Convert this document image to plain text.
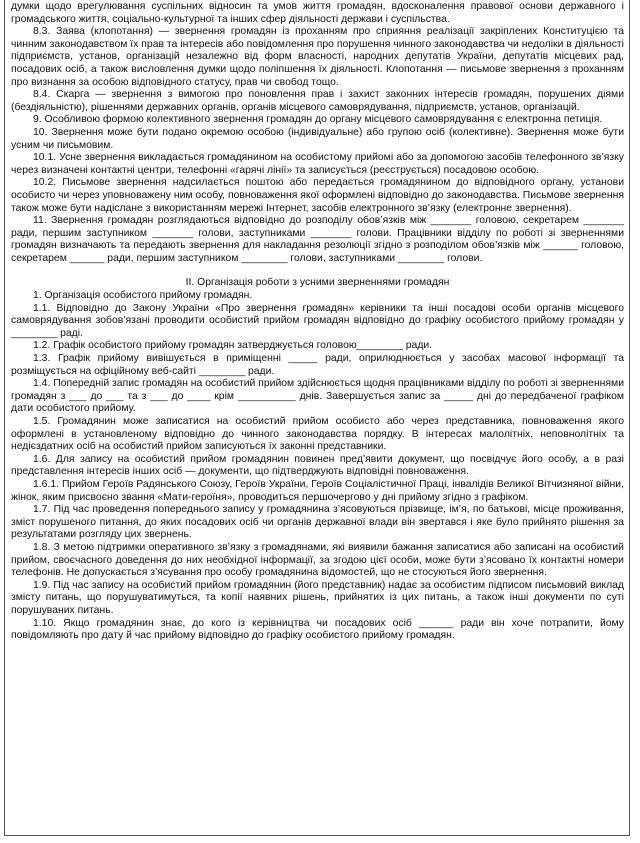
думки щодо врегулювання суспільних відносин та умов життя громадян, вдосконалення правової основи державного і громадського життя, соціально-культурної та інших сфер діяльності держави і суспільства.

8.3. Заява (клопотання) — звернення громадян із проханням про сприяння реалізації закріплених Конституцією та чинним законодавством їх прав та інтересів або повідомлення про порушення чинного законодавства чи недоліки в діяльності підприємств, установ, організацій незалежно від форм власності, народних депутатів України, депутатів місцевих рад, посадових осіб, а також висловлення думки щодо поліпшення їх діяльності. Клопотання — письмове звернення з проханням про визнання за особою відповідного статусу, прав чи свобод тощо.

8.4. Скарга — звернення з вимогою про поновлення прав і захист законних інтересів громадян, порушених діями (бездіяльністю), рішеннями державних органів, органів місцевого самоврядування, підприємств, установ, організацій.

9. Особливою формою колективного звернення громадян до органу місцевого самоврядування є електронна петиція.

10. Звернення може бути подано окремою особою (індивідуальне) або групою осіб (колективне). Звернення може бути усним чи письмовим.

10.1. Усне звернення викладається громадянином на особистому прийомі або за допомогою засобів телефонного зв’язку через визначені контактні центри, телефонні «гарячі лінії» та записується (реєструється) посадовою особою.

10.2. Письмове звернення надсилається поштою або передається громадянином до відповідного органу, установи особисто чи через уповноважену ним особу, повноваження якої оформлені відповідно до законодавства. Письмове звернення також може бути надіслане з використанням мережі Інтернет, засобів електронного зв’язку (електронне звернення).

11. Звернення громадян розглядаються відповідно до розподілу обов’язків між _______ головою, секретарем _______ ради, першим заступником _______ голови, заступниками _______ голови. Працівники відділу по роботі зі зверненнями громадян визначають та передають звернення для накладання резолюції згідно з розподілом обов’язків між ______ головою, секретарем ______ ради, першим заступником ________ голови, заступниками ________ голови.

ІІ. Організація роботи з усними зверненнями громадян

1. Організація особистого прийому громадян.

1.1. Відповідно до Закону України «Про звернення громадян» керівники та інші посадові особи органів місцевого самоврядування зобов’язані проводити особистий прийом громадян відповідно до графіку особистого прийому громадян у ________ раді.

1.2. Графік особистого прийому громадян затверджується головою________ ради.

1.3. Графік прийому вивішується в приміщенні _____ ради, оприлюднюється у засобах масової інформації та розміщується на офіційному веб-сайті ________ ради.

1.4. Попередній запис громадян на особистий прийом здійснюється щодня працівниками відділу по роботі зі зверненнями громадян з ___ до ___ та з ___ до ____ крім __________ днів. Завершується запис за _____ дні до передбаченої графіком дати особистого прийому.

1.5. Громадянин може записатися на особистий прийом особисто або через представника, повноваження якого оформлені в установленому відповідно до чинного законодавства порядку. В інтересах малолітніх, неповнолітніх та недієздатних осіб на особистий прийом записуються їх законні представники.

1.6. Для запису на особистий прийом громадянин повинен пред’явити документ, що посвідчує його особу, а в разі представлення інтересів інших осіб — документи, що підтверджують відповідні повноваження.

1.6.1. Прийом Героїв Радянського Союзу, Героїв України, Героїв Соціалістичної Праці, інвалідів Великої Вітчизняної війни, жінок, яким присвоєно звання «Мати-героїня», проводиться першочергово у дні прийому згідно з графіком.

1.7. Під час проведення попереднього запису у громадянина з’ясовуються прізвище, ім’я, по батькові, місце проживання, зміст порушеного питання, до яких посадових осіб чи органів державної влади він звертався і яке було прийнято рішення за результатами розгляду цих звернень.

1.8. З метою підтримки оперативного зв’язку з громадянами, які виявили бажання записатися або записані на особистий прийом, своєчасного доведення до них необхідної інформації, за згодою цієї особи, може бути з’ясовано їх контактні номери телефонів. Не допускається з’ясування про особу громадянина відомостей, що не стосуються його звернення.

1.9. Під час запису на особистий прийом громадянин (його представник) надає за особистим підписом письмовий виклад змісту питань, що порушуватимуться, та копії наявних рішень, прийнятих із цих питань, а також інші документи по суті порушуваних питань.

1.10. Якщо громадянин знає, до кого із керівництва чи посадових осіб ______ ради він хоче потрапити, йому повідомляють про дату й час прийому відповідно до графіку особистого прийому громадян.
